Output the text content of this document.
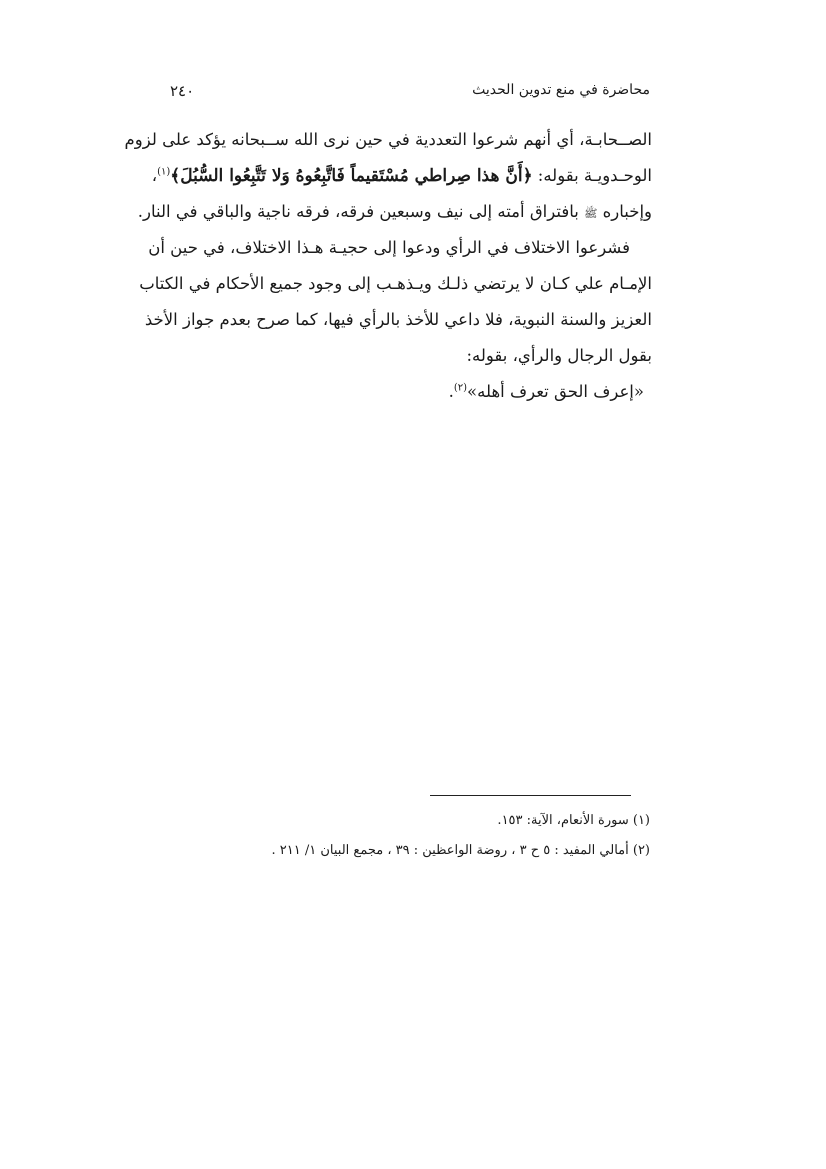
محاضرة في منع تدوين الحديث
٢٤٠
الصــحابـة، أي أنهم شرعوا التعددية في حين نرى الله ســبحانه يؤكد على لزوم
الوحـدويـة بقوله: ﴿أَنَّ هذا صِراطي مُسْتَقيماً فَاتَّبِعُوهُ وَلا تَتَّبِعُوا السُّبُلَ﴾$^{(١)}$،
وإخباره ﷺ بافتراق أمته إلى نيف وسبعين فرقه، فرقه ناجية والباقي في النار.
فشرعوا الاختلاف في الرأي ودعوا إلى حجيـة هـذا الاختلاف، في حين أن
الإمـام علي كـان لا يرتضي ذلـك ويـذهـب إلى وجود جميع الأحكام في الكتاب
العزيز والسنة النبوية، فلا داعي للأخذ بالرأي فيها، كما صرح بعدم جواز الأخذ
بقول الرجال والرأي، بقوله:
«إعرف الحق تعرف أهله»$^{(٢)}$.
(١) سورة الأنعام، الآية: ١٥٣.
(٢) أمالي المفيد : ٥ ح ٣ ، روضة الواعظين : ٣٩ ، مجمع البيان ١/ ٢١١ .
